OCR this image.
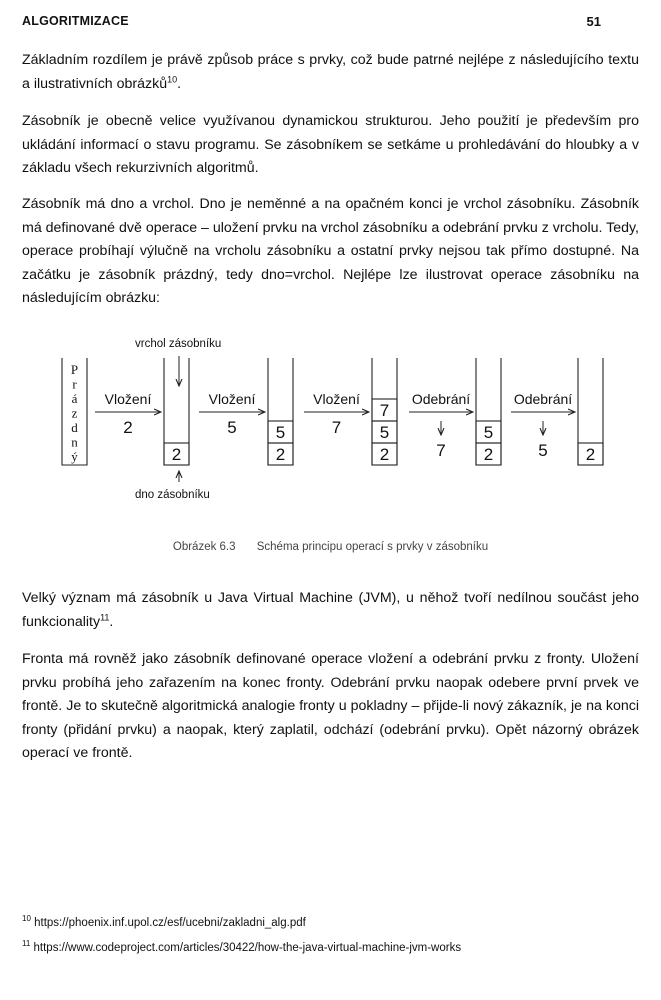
ALGORITMIZACE	51

Základním rozdílem je právě způsob práce s prvky, což bude patrné nejlépe z následujícího textu a ilustrativních obrázků$^{10}$.

Zásobník je obecně velice využívanou dynamickou strukturou. Jeho použití je především pro ukládání informací o stavu programu. Se zásobníkem se setkáme u prohledávání do hloubky a v základu všech rekurzivních algoritmů.

Zásobník má dno a vrchol. Dno je neměnné a na opačném konci je vrchol zásobníku. Zásobník má definované dvě operace – uložení prvku na vrchol zásobníku a odebrání prvku z vrcholu. Tedy, operace probíhají výlučně na vrcholu zásobníku a ostatní prvky nejsou tak přímo dostupné. Na začátku je zásobník prázdný, tedy dno=vrchol. Nejlépe lze ilustrovat operace zásobníku na následujícím obrázku:

vrchol zásobníku
dno zásobníku
P
r
á
z
d
n
ý	2	2
5
2
5
7
2
5
2
Vložení
2
Vložení
5
Vložení
7
Odebrání
7
Odebrání
5
Obrázek 6.3 Schéma principu operací s prvky v zásobníku

Velký význam má zásobník u Java Virtual Machine (JVM), u něhož tvoří nedílnou součást jeho funkcionality$^{11}$.

Fronta má rovněž jako zásobník definované operace vložení a odebrání prvku z fronty. Uložení prvku probíhá jeho zařazením na konec fronty. Odebrání prvku naopak odebere první prvek ve frontě. Je to skutečně algoritmická analogie fronty u pokladny – přijde-li nový zákazník, je na konci fronty (přidání prvku) a naopak, který zaplatil, odchází (odebrání prvku). Opět názorný obrázek operací ve frontě.

$^{10}$ https://phoenix.inf.upol.cz/esf/ucebni/zakladni_alg.pdf
$^{11}$ https://www.codeproject.com/articles/30422/how-the-java-virtual-machine-jvm-works
